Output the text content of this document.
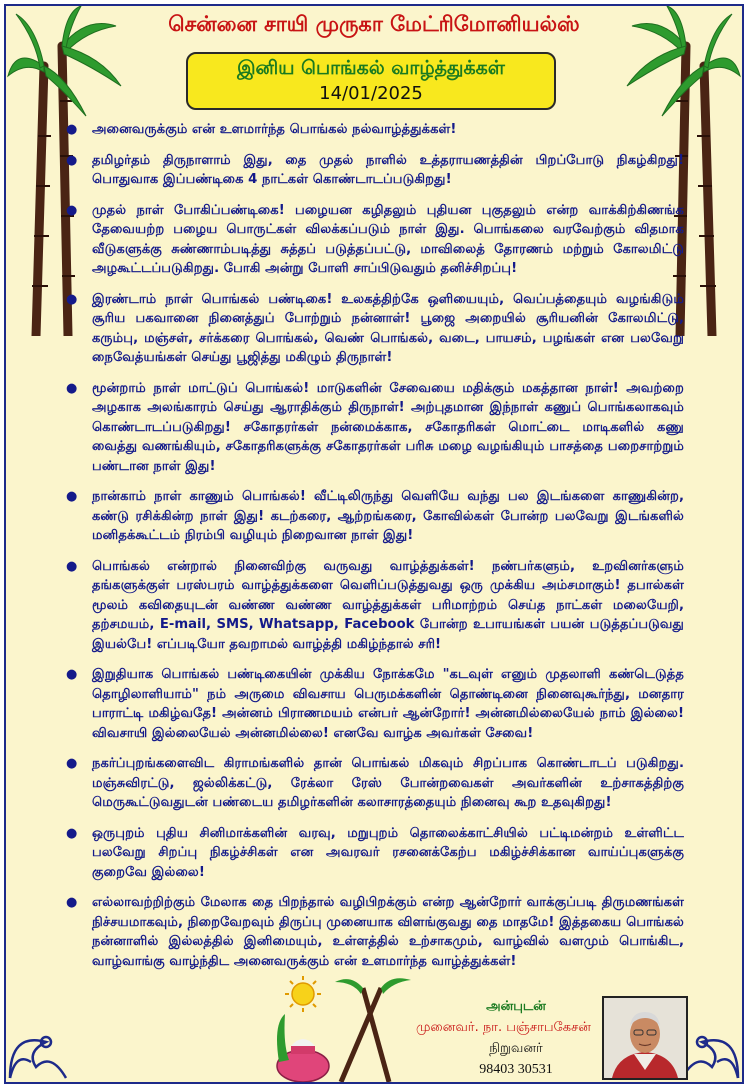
சென்னை சாயி முருகா மேட்ரிமோனியல்ஸ்
இனிய பொங்கல் வாழ்த்துக்கள்
14/01/2025

● அனைவருக்கும் என் உளமார்ந்த பொங்கல் நல்வாழ்த்துக்கள்!

● தமிழர்தம் திருநாளாம் இது, தை முதல் நாளில் உத்தராயணத்தின் பிறப்போடு நிகழ்கிறது! பொதுவாக இப்பண்டிகை 4 நாட்கள் கொண்டாடப்படுகிறது!

● முதல் நாள் போகிப்பண்டிகை! பழையன கழிதலும் புதியன புகுதலும் என்ற வாக்கிற்கிணங்க தேவையற்ற பழைய பொருட்கள் விலக்கப்படும் நாள் இது. பொங்கலை வரவேற்கும் விதமாக வீடுகளுக்கு சுண்ணாம்படித்து சுத்தப் படுத்தப்பட்டு, மாவிலைத் தோரணம் மற்றும் கோலமிட்டு அழகூட்டப்படுகிறது. போகி அன்று போளி சாப்பிடுவதும் தனிச்சிறப்பு!

● இரண்டாம் நாள் பொங்கல் பண்டிகை! உலகத்திற்கே ஒளியையும், வெப்பத்தையும் வழங்கிடும் சூரிய பகவானை நினைத்துப் போற்றும் நன்னாள்! பூஜை அறையில் சூரியனின் கோலமிட்டு, கரும்பு, மஞ்சள், சர்க்கரை பொங்கல், வெண் பொங்கல், வடை, பாயசம், பழங்கள் என பலவேறு நைவேத்யங்கள் செய்து பூஜித்து மகிழும் திருநாள்!

● மூன்றாம் நாள் மாட்டுப் பொங்கல்! மாடுகளின் சேவையை மதிக்கும் மகத்தான நாள்! அவற்றை அழகாக அலங்காரம் செய்து ஆராதிக்கும் திருநாள்! அற்புதமான இந்நாள் கணுப் பொங்கலாகவும் கொண்டாடப்படுகிறது! சகோதரர்கள் நன்மைக்காக, சகோதரிகள் மொட்டை மாடிகளில் கணு வைத்து வணங்கியும், சகோதரிகளுக்கு சகோதரர்கள் பரிசு மழை வழங்கியும் பாசத்தை பறைசாற்றும் பண்டான நாள் இது!

● நான்காம் நாள் காணும் பொங்கல்! வீட்டிலிருந்து வெளியே வந்து பல இடங்களை காணுகின்ற, கண்டு ரசிக்கின்ற நாள் இது! கடற்கரை, ஆற்றங்கரை, கோவில்கள் போன்ற பலவேறு இடங்களில் மனிதக்கூட்டம் நிரம்பி வழியும் நிறைவான நாள் இது!

● பொங்கல் என்றால் நினைவிற்கு வருவது வாழ்த்துக்கள்! நண்பர்களும், உறவினர்களும் தங்களுக்குள் பரஸ்பரம் வாழ்த்துக்களை வெளிப்படுத்துவது ஒரு முக்கிய அம்சமாகும்! தபால்கள் மூலம் கவிதையுடன் வண்ண வண்ண வாழ்த்துக்கள் பரிமாற்றம் செய்த நாட்கள் மலையேறி, தற்சமயம், E-mail, SMS, Whatsapp, Facebook போன்ற உபாயங்கள் பயன் படுத்தப்படுவது இயல்பே! எப்படியோ தவறாமல் வாழ்த்தி மகிழ்ந்தால் சரி!

● இறுதியாக பொங்கல் பண்டிகையின் முக்கிய நோக்கமே "கடவுள் எனும் முதலாளி கண்டெடுத்த தொழிலாளியாம்" நம் அருமை விவசாய பெருமக்களின் தொண்டினை நினைவுகூர்ந்து, மனதார பாராட்டி மகிழ்வதே! அன்னம் பிராணமயம் என்பர் ஆன்றோர்! அன்னமில்லையேல் நாம் இல்லை! விவசாயி இல்லையேல் அன்னமில்லை! எனவே வாழ்க அவர்கள் சேவை!

● நகர்ப்புறங்களைவிட கிராமங்களில் தான் பொங்கல் மிகவும் சிறப்பாக கொண்டாடப் படுகிறது. மஞ்சுவிரட்டு, ஜல்லிக்கட்டு, ரேக்லா ரேஸ் போன்றவைகள் அவர்களின் உற்சாகத்திற்கு மெருகூட்டுவதுடன் பண்டைய தமிழர்களின் கலாசாரத்தையும் நினைவு கூற உதவுகிறது!

● ஒருபுறம் புதிய சினிமாக்களின் வரவு, மறுபுறம் தொலைக்காட்சியில் பட்டிமன்றம் உள்ளிட்ட பலவேறு சிறப்பு நிகழ்ச்சிகள் என அவரவர் ரசனைக்கேற்ப மகிழ்ச்சிக்கான வாய்ப்புகளுக்கு குறைவே இல்லை!

● எல்லாவற்றிற்கும் மேலாக தை பிறந்தால் வழிபிறக்கும் என்ற ஆன்றோர் வாக்குப்படி திருமணங்கள் நிச்சயமாகவும், நிறைவேறவும் திருப்பு முனையாக விளங்குவது தை மாதமே! இத்தகைய பொங்கல் நன்னாளில் இல்லத்தில் இனிமையும், உள்ளத்தில் உற்சாகமும், வாழ்வில் வளமும் பொங்கிட, வாழ்வாங்கு வாழ்ந்திட அனைவருக்கும் என் உளமார்ந்த வாழ்த்துக்கள்!

அன்புடன்
முனைவர். நா. பஞ்சாபகேசன்
நிறுவனர்
98403 30531
